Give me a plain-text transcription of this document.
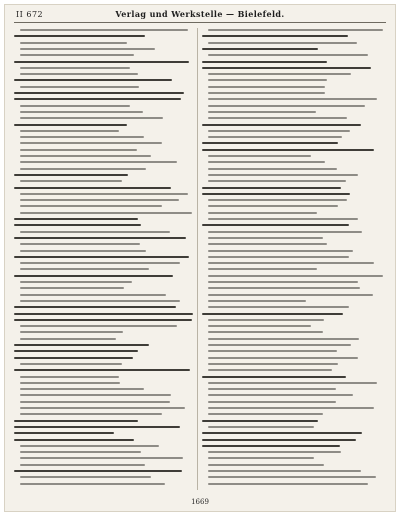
II 672	Verlag und Werkstelle — Bielefeld.
1669
